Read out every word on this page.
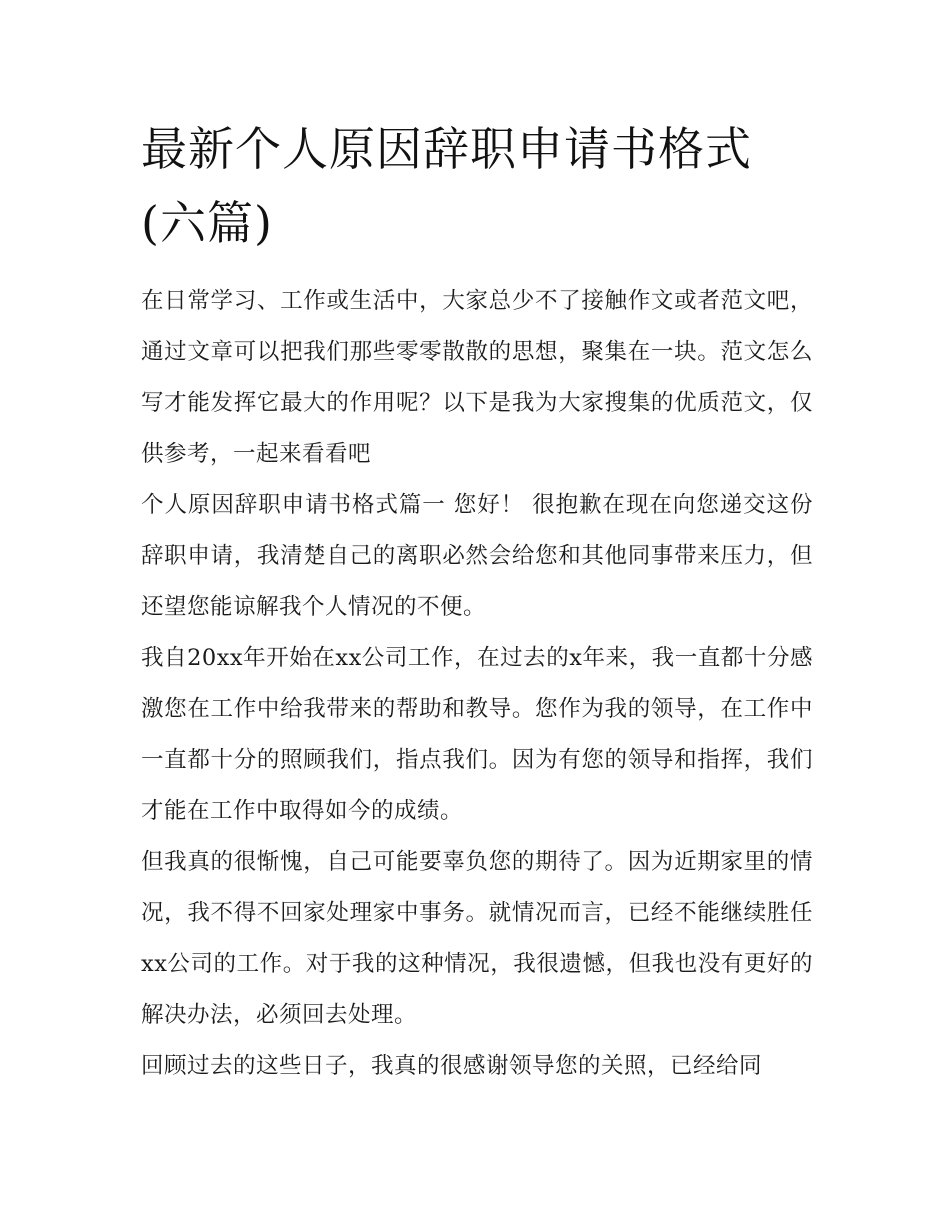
最新个人原因辞职申请书格式(六篇)

在日常学习、工作或生活中，大家总少不了接触作文或者范文吧，通过文章可以把我们那些零零散散的思想，聚集在一块。范文怎么写才能发挥它最大的作用呢？以下是我为大家搜集的优质范文，仅供参考，一起来看看吧

个人原因辞职申请书格式篇一 您好！ 很抱歉在现在向您递交这份辞职申请，我清楚自己的离职必然会给您和其他同事带来压力，但还望您能谅解我个人情况的不便。

我自20xx年开始在xx公司工作，在过去的x年来，我一直都十分感激您在工作中给我带来的帮助和教导。您作为我的领导，在工作中一直都十分的照顾我们，指点我们。因为有您的领导和指挥，我们才能在工作中取得如今的成绩。

但我真的很惭愧，自己可能要辜负您的期待了。因为近期家里的情况，我不得不回家处理家中事务。就情况而言，已经不能继续胜任xx公司的工作。对于我的这种情况，我很遗憾，但我也没有更好的解决办法，必须回去处理。

回顾过去的这些日子，我真的很感谢领导您的关照，已经给同
